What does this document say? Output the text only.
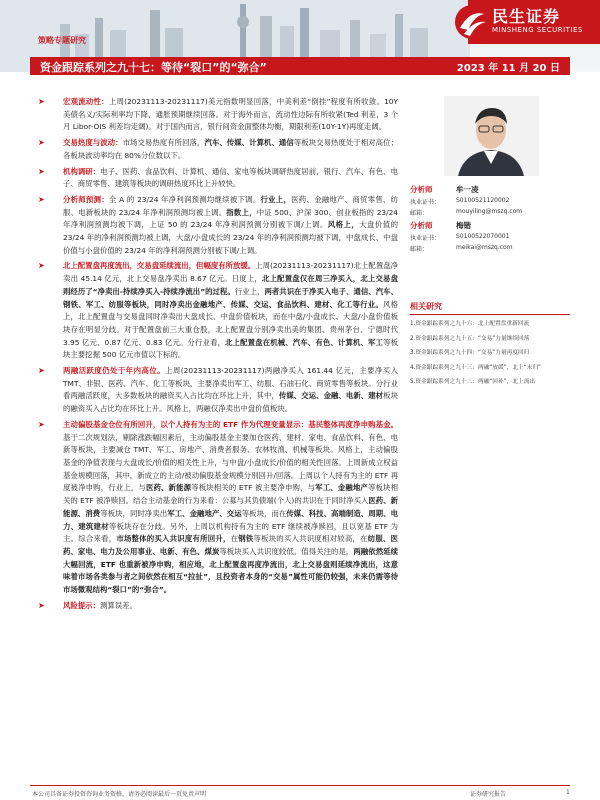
民生证券
MINSHENG SECURITIES
策略专题研究
资金跟踪系列之九十七：等待“裂口”的“弥合”	2023 年 11 月 20 日
➤ 宏观流动性：上周(20231113-20231117)美元指数明显回落，中美利差“倒挂”程度有所收敛。10Y 美债名义/实际利率均下降，通胀预期继续回落。对于海外而言，流动性边际有所收紧(Ted 利差、3 个月 Libor-OIS 利差均走阔)。对于国内而言，银行间资金面整体均衡，期限利差(10Y-1Y)再度走阔。
➤ 交易热度与波动：市场交易热度有所回落，汽车、传媒、计算机、通信等板块交易热度处于相对高位；各板块波动率均在 80%分位数以下。
➤ 机构调研：电子、医药、食品饮料、计算机、通信、家电等板块调研热度居前，银行、汽车、有色、电子、商贸零售、建筑等板块的调研热度环比上升较快。
➤ 分析师预测：全 A 的 23/24 年净利润预测均继续被下调。行业上，医药、金融地产、商贸零售、纺服、电新板块的 23/24 年净利润预测均被上调。指数上，中证 500、沪深 300、创业板指的 23/24 年净利润预测均被下调，上证 50 的 23/24 年净利润预测分别被下调/上调。风格上，大盘价值的 23/24 年的净利润预测均被上调，大盘/小盘成长的 23/24 年的净利润预测均被下调，中盘成长、中盘价值与小盘价值的 23/24 年的净利润预测分别被下调/上调。
➤ 北上配置盘再度流出，交易盘延续流出，但幅度有所放缓。上周(20231113-20231117)北上配置盘净卖出 45.14 亿元，北上交易盘净卖出 8.67 亿元。日度上，北上配置盘仅在周三净买入，北上交易盘则经历了“净卖出-持续净买入-持续净流出”的过程。行业上，两者共识在于净买入电子、通信、汽车、钢铁、军工、纺服等板块，同时净卖出金融地产、传媒、交运、食品饮料、建材、化工等行业。风格上，北上配置盘与交易盘同时净卖出大盘成长、中盘价值板块，而在中盘/小盘成长、大盘/小盘价值板块存在明显分歧。对于配置盘前三大重仓股，北上配置盘分别净卖出美的集团、贵州茅台、宁德时代 3.95 亿元、0.87 亿元、0.83 亿元。分行业看，北上配置盘在机械、汽车、有色、计算机、军工等板块主要挖掘 500 亿元市值以下标的。
➤ 两融活跃度仍处于年内高位。上周(20231113-20231117)两融净买入 161.44 亿元，主要净买入 TMT、非银、医药、汽车、化工等板块，主要净卖出军工、纺服、石油石化、商贸零售等板块。分行业看两融活跃度，大多数板块的融资买入占比均在环比上升，其中，传媒、交运、金融、电新、建材板块的融资买入占比均在环比上升。风格上，两融仅净卖出中盘价值板块。
➤ 主动偏股基金仓位有所回升，以个人持有为主的 ETF 作为代理变量显示：基民整体再度净申购基金。基于二次规划法，剔除涨跌幅因素后，主动偏股基金主要加仓医药、建材、家电、食品饮料、有色、电新等板块，主要减仓 TMT、军工、房地产、消费者服务、农林牧渔、机械等板块。风格上，主动偏股基金的净值表现与大盘成长/价值的相关性上升，与中盘/小盘成长/价值的相关性回落。上周新成立权益基金规模回落，其中，新成立的主动/被动偏股基金规模分别回升/回落。上周以个人持有为主的 ETF 再度被净申购，行业上，与医药、新能源等板块相关的 ETF 被主要净申购，与军工、金融地产等板块相关的 ETF 被净赎回。结合主动基金的行为来看：公募与其负债端(个人)的共识在于同时净买入医药、新能源、消费等板块，同时净卖出军工、金融地产、交运等板块，而在传媒、科技、高端制造、周期、电力、建筑建材等板块存在分歧。另外，上周以机构持有为主的 ETF 继续被净赎回，且以宽基 ETF 为主。综合来看，市场整体的买入共识度有所回升，在钢铁等板块的买入共识度相对较高，在纺服、医药、家电、电力及公用事业、电新、有色、煤炭等板块买入共识度较低。值得关注的是，两融依然延续大幅回流，ETF 也重新被净申购，相应地，北上配置盘再度净流出，北上交易盘则延续净流出，这意味着市场各类参与者之间依然在相互“拉扯”，且投资者本身的“交易”属性可能仍较强，未来仍需等待市场微观结构“裂口”的“弥合”。
➤ 风险提示：测算误差。
分析师	牟一凌
执业证书：	S0100521120002
邮箱：	mouyiling@mszq.com
分析师	梅锴
执业证书：	S0100522070001
邮箱：	meikai@mszq.com
相关研究
1.资金跟踪系列之九十六：北上配置盘重新回流
2.资金跟踪系列之九十五：“交易”力量继续回落
3.资金跟踪系列之九十四：“交易”力量再度回归
4.资金跟踪系列之九十三：两融“放缓”，北上“未归”
5.资金跟踪系列之九十二：两融“回补”，北上流出
本公司具备证券投资咨询业务资格，请务必阅读最后一页免责声明	证券研究报告	1
